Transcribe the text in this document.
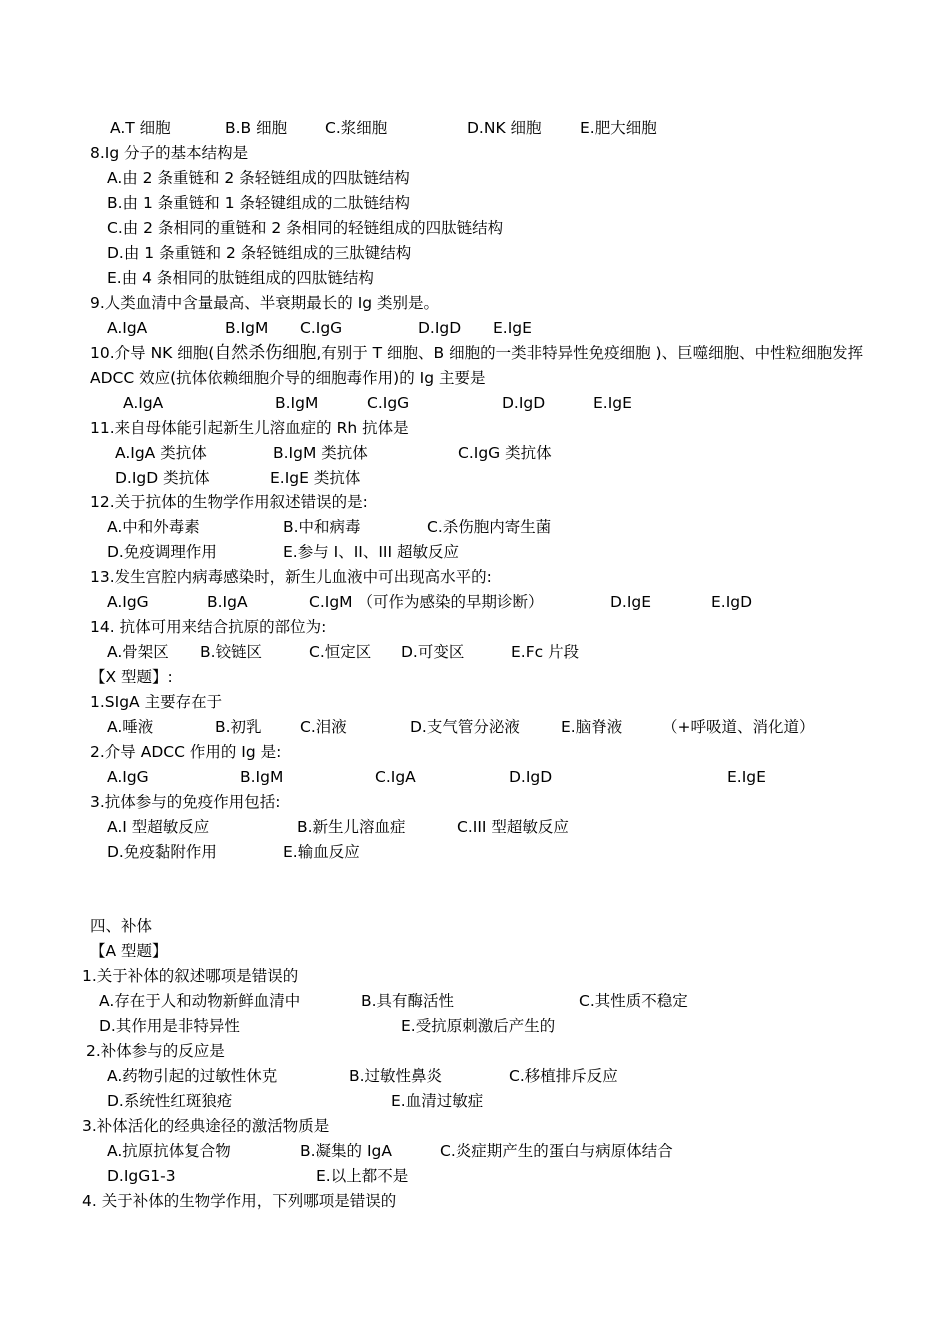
A.T 细胞	B.B 细胞 C.浆细胞	D.NK 细胞 E.肥大细胞
8.Ig 分子的基本结构是
A.由 2 条重链和 2 条轻链组成的四肽链结构
B.由 1 条重链和 1 条轻键组成的二肽链结构
C.由 2 条相同的重链和 2 条相同的轻链组成的四肽链结构
D.由 1 条重链和 2 条轻链组成的三肽键结构
E.由 4 条相同的肽链组成的四肽链结构
9.人类血清中含量最高、半衰期最长的 Ig 类别是。
A.IgA	B.IgM C.IgG	D.IgD E.IgE
A.IgA	B.IgM	C.IgG	D.IgD	E.IgE
11.来自母体能引起新生儿溶血症的 Rh 抗体是
A.IgA 类抗体	B.IgM 类抗体	C.IgG 类抗体
D.IgD 类抗体	E.IgE 类抗体
12.关于抗体的生物学作用叙述错误的是:
A.中和外毒素	B.中和病毒	C.杀伤胞内寄生菌
D.免疫调理作用	E.参与 I、II、III 超敏反应
13.发生宫腔内病毒感染时，新生儿血液中可出现高水平的:
A.IgG	B.IgA	C.IgM （可作为感染的早期诊断）	D.IgE	E.IgD
14. 抗体可用来结合抗原的部位为:
A.骨架区 B.铰链区	C.恒定区 D.可变区	E.Fc 片段
【X 型题】:
1.SIgA 主要存在于
A.唾液	B.初乳 C.泪液	D.支气管分泌液	E.脑脊液	（+呼吸道、消化道）
2.介导 ADCC 作用的 Ig 是:
A.IgG	B.IgM	C.IgA	D.IgD	E.IgE
3.抗体参与的免疫作用包括:
A.I 型超敏反应	B.新生儿溶血症	C.III 型超敏反应
D.免疫黏附作用	E.输血反应
四、补体
【A 型题】
1.关于补体的叙述哪项是错误的
A.存在于人和动物新鲜血清中	B.具有酶活性	C.其性质不稳定
D.其作用是非特异性	E.受抗原刺激后产生的
2.补体参与的反应是
A.药物引起的过敏性休克	B.过敏性鼻炎	C.移植排斥反应
D.系统性红斑狼疮	E.血清过敏症
3.补体活化的经典途径的激活物质是
A.抗原抗体复合物	B.凝集的 IgA	C.炎症期产生的蛋白与病原体结合
D.IgG1-3	E.以上都不是
4. 关于补体的生物学作用，下列哪项是错误的
10.介导 NK 细胞(自然杀伤细胞,有别于 T 细胞、B 细胞的一类非特异性免疫细胞 )、巨噬细胞、中性粒细胞发挥 ADCC 效应(抗体依赖细胞介导的细胞毒作用)的 Ig 主要是
